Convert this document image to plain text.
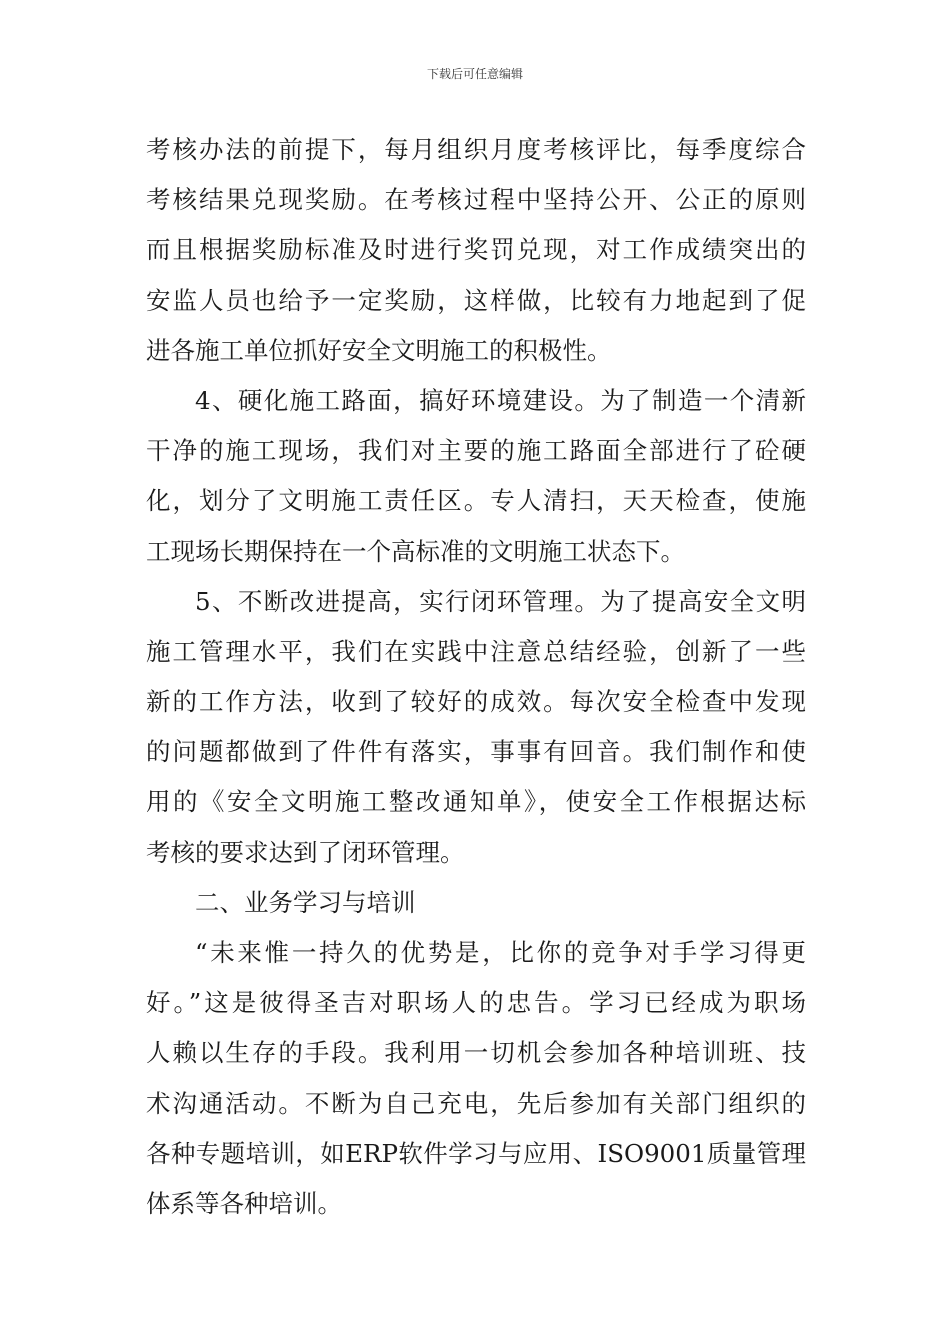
下载后可任意编辑
考核办法的前提下，每月组织月度考核评比，每季度综合
考核结果兑现奖励。在考核过程中坚持公开、公正的原则
而且根据奖励标准及时进行奖罚兑现，对工作成绩突出的
安监人员也给予一定奖励，这样做，比较有力地起到了促
进各施工单位抓好安全文明施工的积极性。
4、硬化施工路面，搞好环境建设。为了制造一个清新
干净的施工现场，我们对主要的施工路面全部进行了砼硬
化，划分了文明施工责任区。专人清扫，天天检查，使施
工现场长期保持在一个高标准的文明施工状态下。
5、不断改进提高，实行闭环管理。为了提高安全文明
施工管理水平，我们在实践中注意总结经验，创新了一些
新的工作方法，收到了较好的成效。每次安全检查中发现
的问题都做到了件件有落实，事事有回音。我们制作和使
用的《安全文明施工整改通知单》，使安全工作根据达标
考核的要求达到了闭环管理。
二、业务学习与培训
“未来惟一持久的优势是，比你的竞争对手学习得更
好。”这是彼得圣吉对职场人的忠告。学习已经成为职场
人赖以生存的手段。我利用一切机会参加各种培训班、技
术沟通活动。不断为自己充电，先后参加有关部门组织的
各种专题培训，如ERP软件学习与应用、ISO9001质量管理
体系等各种培训。
